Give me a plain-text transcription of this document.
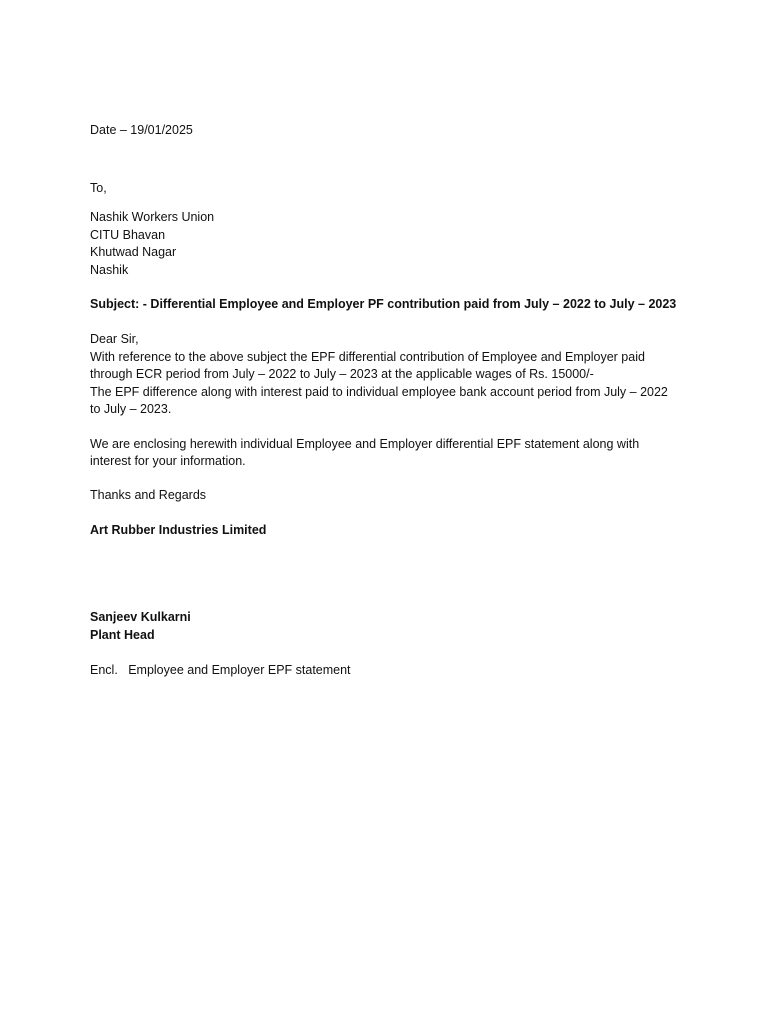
Date – 19/01/2025
To,
Nashik Workers Union
CITU Bhavan
Khutwad Nagar
Nashik
Subject: - Differential Employee and Employer PF contribution paid from July – 2022 to July – 2023
Dear Sir,
With reference to the above subject the EPF differential contribution of Employee and Employer paid
through ECR period from July – 2022 to July – 2023 at the applicable wages of Rs. 15000/-
The EPF difference along with interest paid to individual employee bank account period from July – 2022
to July – 2023.
We are enclosing herewith individual Employee and Employer differential EPF statement along with
interest for your information.
Thanks and Regards
Art Rubber Industries Limited
Sanjeev Kulkarni
Plant Head
Encl.   Employee and Employer EPF statement
